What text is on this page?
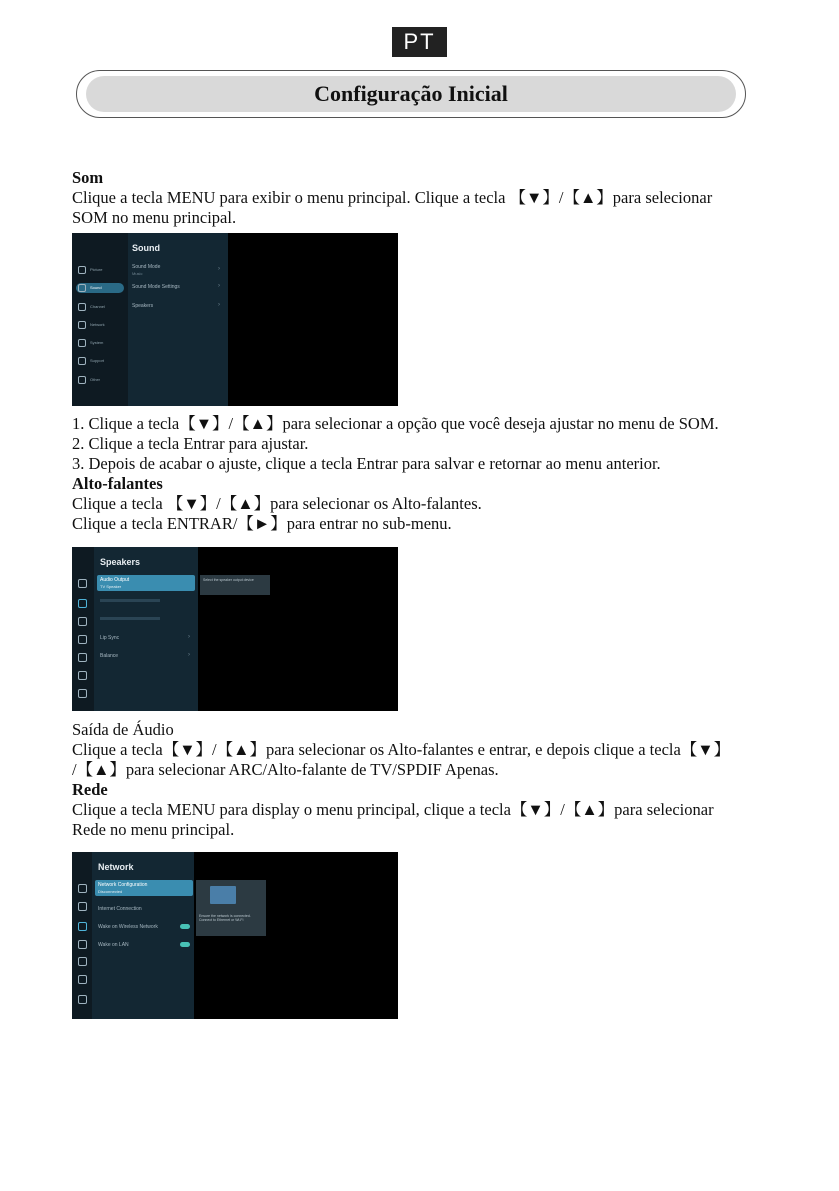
PT
Configuração Inicial
Som
Clique a tecla MENU para exibir o menu principal. Clique a tecla 【▼】/【▲】para selecionar
SOM no menu principal.
Picture
Sound
Channel
Network
System
Support
Other
Sound
Sound Mode
Music
›
Sound Mode Settings	›
Speakers	›
1. Clique a tecla【▼】/【▲】para selecionar a opção que você deseja ajustar no menu de SOM.
2. Clique a tecla Entrar para ajustar.
3. Depois de acabar o ajuste, clique a tecla Entrar para salvar e retornar ao menu anterior.
Alto-falantes
Clique a tecla 【▼】/【▲】para selecionar os Alto-falantes.
Clique a tecla ENTRAR/【►】para entrar no sub-menu.
Speakers
Audio Output
TV Speaker
Lip Sync	›
Balance	›
Select the speaker output device
Saída de Áudio
Clique a tecla【▼】/【▲】para selecionar os Alto-falantes e entrar, e depois clique a tecla【▼】
/【▲】para selecionar ARC/Alto-falante de TV/SPDIF Apenas.
Rede
Clique a tecla MENU para display o menu principal, clique a tecla【▼】/【▲】para selecionar
Rede no menu principal.
Network
Network Configuration
Disconnected
Internet Connection
Wake on Wireless Network
Wake on LAN
Ensure the network is connected. Connect to Ethernet or Wi-Fi
